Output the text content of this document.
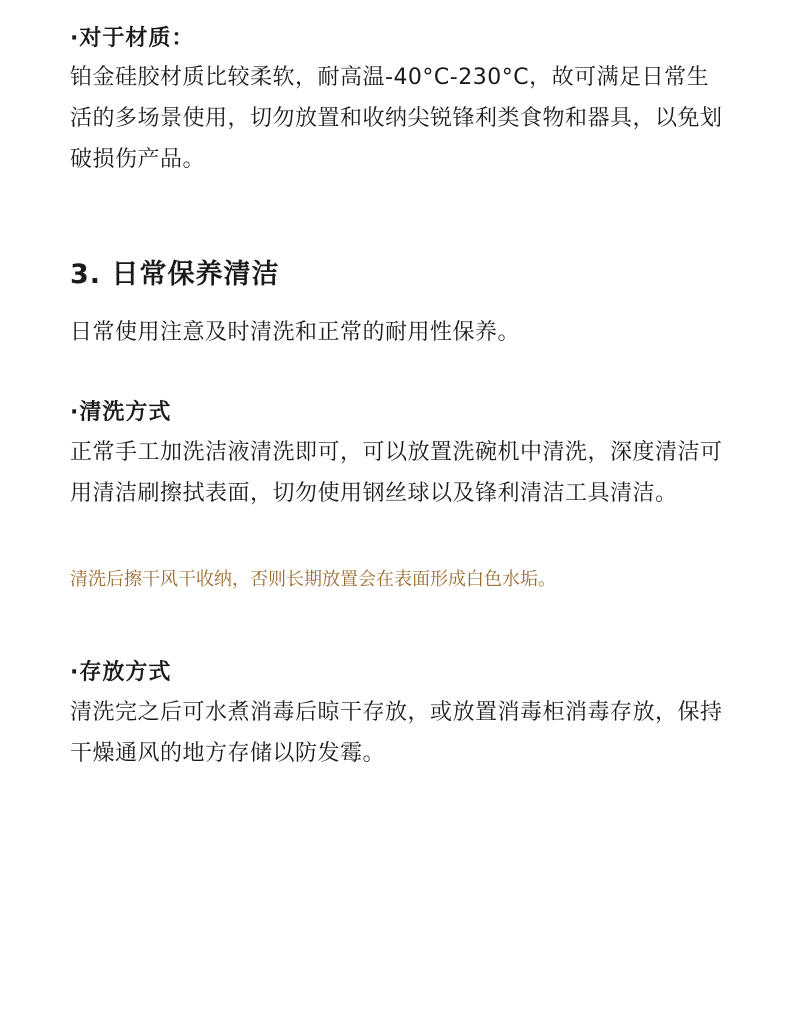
·对于材质：
铂金硅胶材质比较柔软，耐高温-40°C-230°C，故可满足日常生活的多场景使用，切勿放置和收纳尖锐锋利类食物和器具，以免划破损伤产品。
3. 日常保养清洁
日常使用注意及时清洗和正常的耐用性保养。
·清洗方式
正常手工加洗洁液清洗即可，可以放置洗碗机中清洗，深度清洁可用清洁刷擦拭表面，切勿使用钢丝球以及锋利清洁工具清洁。
清洗后擦干风干收纳，否则长期放置会在表面形成白色水垢。
·存放方式
清洗完之后可水煮消毒后晾干存放，或放置消毒柜消毒存放，保持干燥通风的地方存储以防发霉。
